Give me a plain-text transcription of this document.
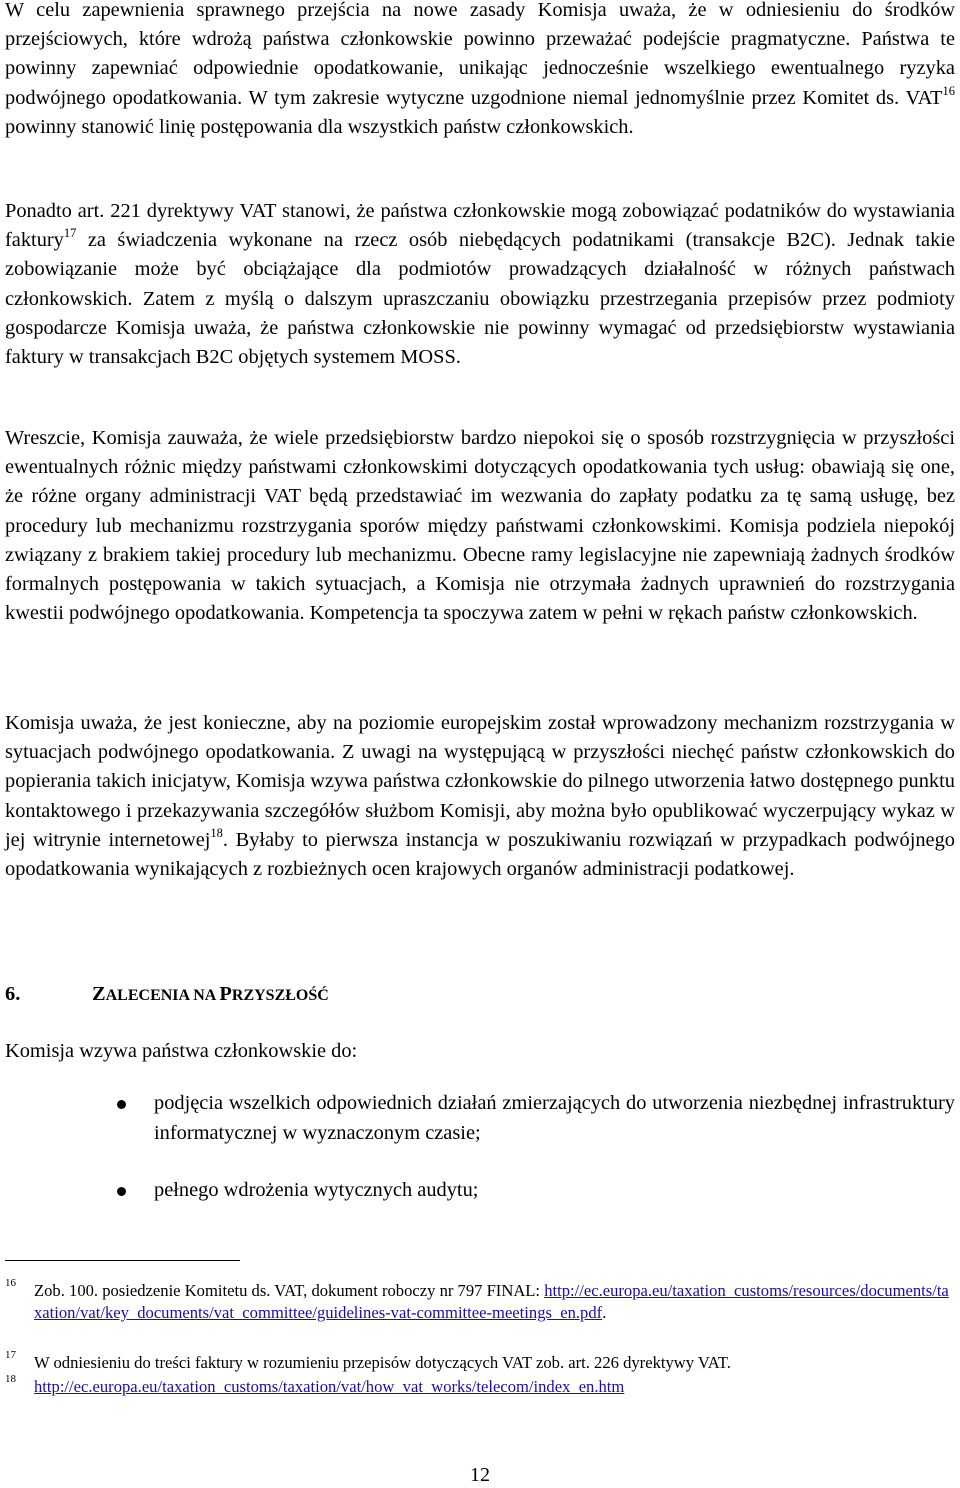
W celu zapewnienia sprawnego przejścia na nowe zasady Komisja uważa, że w odniesieniu do środków przejściowych, które wdrożą państwa członkowskie powinno przeważać podejście pragmatyczne. Państwa te powinny zapewniać odpowiednie opodatkowanie, unikając jednocześnie wszelkiego ewentualnego ryzyka podwójnego opodatkowania. W tym zakresie wytyczne uzgodnione niemal jednomyślnie przez Komitet ds. VAT$^{16}$ powinny stanowić linię postępowania dla wszystkich państw członkowskich.

Ponadto art. 221 dyrektywy VAT stanowi, że państwa członkowskie mogą zobowiązać podatników do wystawiania faktury$^{17}$ za świadczenia wykonane na rzecz osób niebędących podatnikami (transakcje B2C). Jednak takie zobowiązanie może być obciążające dla podmiotów prowadzących działalność w różnych państwach członkowskich. Zatem z myślą o dalszym upraszczaniu obowiązku przestrzegania przepisów przez podmioty gospodarcze Komisja uważa, że państwa członkowskie nie powinny wymagać od przedsiębiorstw wystawiania faktury w transakcjach B2C objętych systemem MOSS.

Wreszcie, Komisja zauważa, że wiele przedsiębiorstw bardzo niepokoi się o sposób rozstrzygnięcia w przyszłości ewentualnych różnic między państwami członkowskimi dotyczących opodatkowania tych usług: obawiają się one, że różne organy administracji VAT będą przedstawiać im wezwania do zapłaty podatku za tę samą usługę, bez procedury lub mechanizmu rozstrzygania sporów między państwami członkowskimi. Komisja podziela niepokój związany z brakiem takiej procedury lub mechanizmu. Obecne ramy legislacyjne nie zapewniają żadnych środków formalnych postępowania w takich sytuacjach, a Komisja nie otrzymała żadnych uprawnień do rozstrzygania kwestii podwójnego opodatkowania. Kompetencja ta spoczywa zatem w pełni w rękach państw członkowskich.

Komisja uważa, że jest konieczne, aby na poziomie europejskim został wprowadzony mechanizm rozstrzygania w sytuacjach podwójnego opodatkowania. Z uwagi na występującą w przyszłości niechęć państw członkowskich do popierania takich inicjatyw, Komisja wzywa państwa członkowskie do pilnego utworzenia łatwo dostępnego punktu kontaktowego i przekazywania szczegółów służbom Komisji, aby można było opublikować wyczerpujący wykaz w jej witrynie internetowej$^{18}$. Byłaby to pierwsza instancja w poszukiwaniu rozwiązań w przypadkach podwójnego opodatkowania wynikających z rozbieżnych ocen krajowych organów administracji podatkowej.

6.	ZALECENIA NA PRZYSZŁOŚĆ
Komisja wzywa państwa członkowskie do:
podjęcia wszelkich odpowiednich działań zmierzających do utworzenia niezbędnej infrastruktury informatycznej w wyznaczonym czasie;
pełnego wdrożenia wytycznych audytu;
16	Zob. 100. posiedzenie Komitetu ds. VAT, dokument roboczy nr 797 FINAL: http://ec.europa.eu/taxation_customs/resources/documents/taxation/vat/key_documents/vat_committee/guidelines-vat-committee-meetings_en.pdf.
17	W odniesieniu do treści faktury w rozumieniu przepisów dotyczących VAT zob. art. 226 dyrektywy VAT.
18	http://ec.europa.eu/taxation_customs/taxation/vat/how_vat_works/telecom/index_en.htm
12
